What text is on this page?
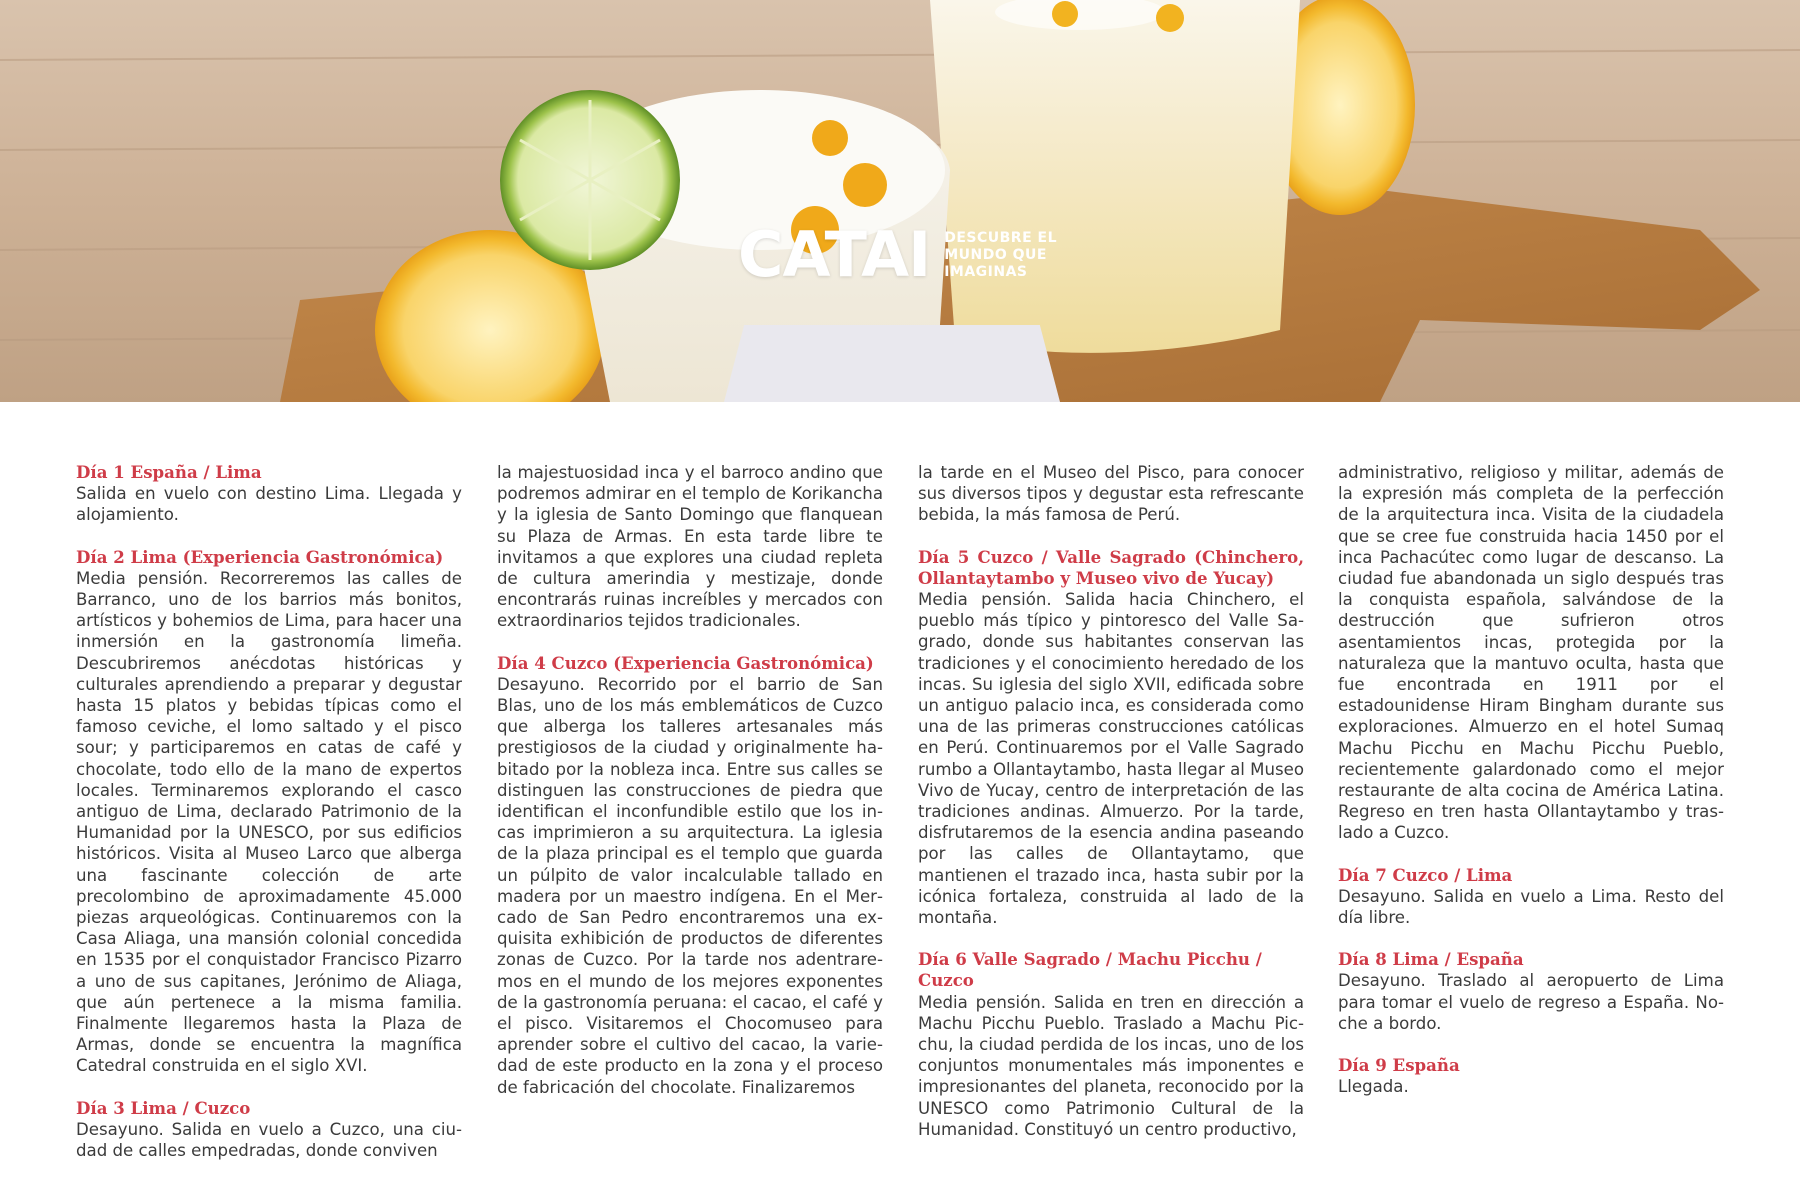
CATAI DESCUBRE EL
MUNDO QUE
IMAGINAS
Día 1 España / Lima

Salida en vuelo con destino Lima. Llegada y alojamiento.

Día 2 Lima (Experiencia Gastronómica)

Media pensión. Recorreremos las calles de Barranco, uno de los barrios más bonitos, artísticos y bohemios de Lima, para hacer una inmersión en la gastronomía limeña. Descubriremos anécdotas históricas y culturales aprendiendo a preparar y degustar hasta 15 platos y bebidas típicas como el famoso ceviche, el lomo saltado y el pisco sour; y participaremos en catas de café y chocolate, todo ello de la mano de expertos locales. Terminaremos explorando el casco antiguo de Lima, declarado Patrimonio de la Humanidad por la UNESCO, por sus edificios históricos. Visita al Museo Larco que alberga una fascinante colección de arte precolombino de aproximadamente 45.000 piezas arqueológicas. Continuaremos con la Casa Aliaga, una mansión colonial concedida en 1535 por el conquistador Francisco Pizarro a uno de sus capitanes, Jerónimo de Aliaga, que aún pertenece a la misma familia. Finalmente llegaremos hasta la Plaza de Armas, donde se encuentra la magnífica Catedral construida en el siglo XVI.

Día 3 Lima / Cuzco

Desayuno. Salida en vuelo a Cuzco, una ciudad de calles empedradas, donde conviven

la majestuosidad inca y el barroco andino que podremos admirar en el templo de Korikancha y la iglesia de Santo Domingo que flanquean su Plaza de Armas. En esta tarde libre te invitamos a que explores una ciudad repleta de cultura amerindia y mestizaje, donde encontrarás ruinas increíbles y mercados con extraordinarios tejidos tradicionales.

Día 4 Cuzco (Experiencia Gastronómica)

Desayuno. Recorrido por el barrio de San Blas, uno de los más emblemáticos de Cuzco que alberga los talleres artesanales más prestigiosos de la ciudad y originalmente habitado por la nobleza inca. Entre sus calles se distinguen las construcciones de piedra que identifican el inconfundible estilo que los incas imprimieron a su arquitectura. La iglesia de la plaza principal es el templo que guarda un púlpito de valor incalculable tallado en madera por un maestro indígena. En el Mercado de San Pedro encontraremos una exquisita exhibición de productos de diferentes zonas de Cuzco. Por la tarde nos adentraremos en el mundo de los mejores exponentes de la gastronomía peruana: el cacao, el café y el pisco. Visitaremos el Chocomuseo para aprender sobre el cultivo del cacao, la variedad de este producto en la zona y el proceso de fabricación del chocolate. Finalizaremos

la tarde en el Museo del Pisco, para conocer sus diversos tipos y degustar esta refrescante bebida, la más famosa de Perú.

Día 5 Cuzco / Valle Sagrado (Chinchero, Ollantaytambo y Museo vivo de Yucay)

Media pensión. Salida hacia Chinchero, el pueblo más típico y pintoresco del Valle Sagrado, donde sus habitantes conservan las tradiciones y el conocimiento heredado de los incas. Su iglesia del siglo XVII, edificada sobre un antiguo palacio inca, es considerada como una de las primeras construcciones católicas en Perú. Continuaremos por el Valle Sagrado rumbo a Ollantaytambo, hasta llegar al Museo Vivo de Yucay, centro de interpretación de las tradiciones andinas. Almuerzo. Por la tarde, disfrutaremos de la esencia andina paseando por las calles de Ollantaytamo, que mantienen el trazado inca, hasta subir por la icónica fortaleza, construida al lado de la montaña.

Día 6 Valle Sagrado / Machu Picchu / Cuzco

Media pensión. Salida en tren en dirección a Machu Picchu Pueblo. Traslado a Machu Picchu, la ciudad perdida de los incas, uno de los conjuntos monumentales más imponentes e impresionantes del planeta, reconocido por la UNESCO como Patrimonio Cultural de la Humanidad. Constituyó un centro productivo,

administrativo, religioso y militar, además de la expresión más completa de la perfección de la arquitectura inca. Visita de la ciudadela que se cree fue construida hacia 1450 por el inca Pachacútec como lugar de descanso. La ciudad fue abandonada un siglo después tras la conquista española, salvándose de la destrucción que sufrieron otros asentamientos incas, protegida por la naturaleza que la mantuvo oculta, hasta que fue encontrada en 1911 por el estadounidense Hiram Bingham durante sus exploraciones. Almuerzo en el hotel Sumaq Machu Picchu en Machu Picchu Pueblo, recientemente galardonado como el mejor restaurante de alta cocina de América Latina. Regreso en tren hasta Ollantaytambo y traslado a Cuzco.

Día 7 Cuzco / Lima

Desayuno. Salida en vuelo a Lima. Resto del día libre.

Día 8 Lima / España

Desayuno. Traslado al aeropuerto de Lima para tomar el vuelo de regreso a España. Noche a bordo.

Día 9 España

Llegada.
